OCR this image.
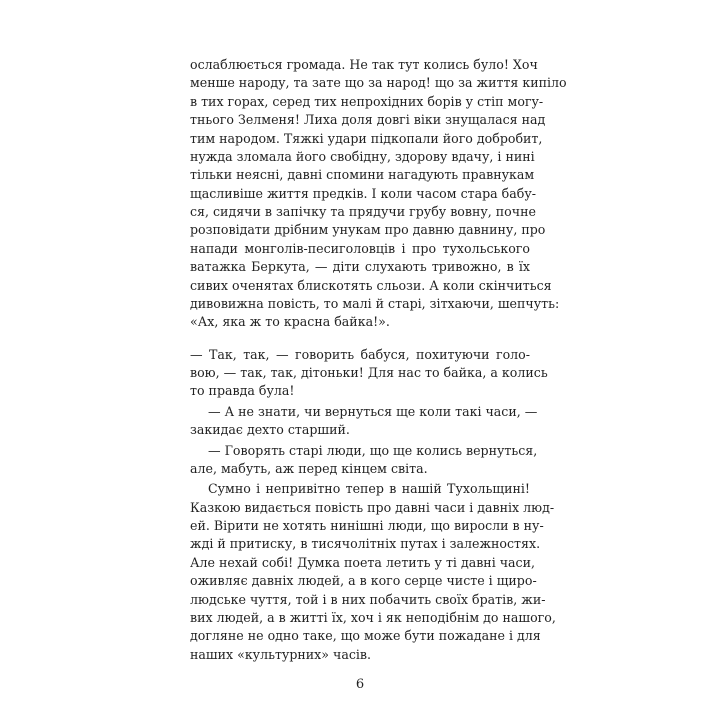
ослаблюється громада. Не так тут колись було! Хоч
менше народу, та зате що за народ! що за життя кипіло
в тих горах, серед тих непрохідних борів у стіп могу-
тнього Зелменя! Лиха доля довгі віки знущалася над
тим народом. Тяжкі удари підкопали його добробит,
нужда зломала його свобідну, здорову вдачу, і нині
тільки неясні, давні спомини нагадують правнукам
щасливіше життя предків. І коли часом стара бабу-
ся, сидячи в запічку та прядучи грубу вовну, почне
розповідати дрібним унукам про давню давнину, про
напади монголів-песиголовців і про тухольського
ватажка Беркута, — діти слухають тривожно, в їх
сивих оченятах блискотять сльози. А коли скінчиться
дивовижна повість, то малі й старі, зітхаючи, шепчуть:
«Ах, яка ж то красна байка!».
— Так, так, — говорить бабуся, похитуючи голо-
вою, — так, так, дітоньки! Для нас то байка, а колись
то правда була!
— А не знати, чи вернуться ще коли такі часи, —
закидає дехто старший.
— Говорять старі люди, що ще колись вернуться,
але, мабуть, аж перед кінцем світа.
Сумно і непривітно тепер в нашій Тухольщині!
Казкою видається повість про давні часи і давніх люд-
ей. Вірити не хотять нинішні люди, що виросли в ну-
жді й притиску, в тисячолітніх путах і залежностях.
Але нехай собі! Думка поета летить у ті давні часи,
оживляє давніх людей, а в кого серце чисте і щиро-
людське чуття, той і в них побачить своїх братів, жи-
вих людей, а в житті їх, хоч і як неподібнім до нашого,
догляне не одно таке, що може бути пожадане і для
наших «культурних» часів.
6
